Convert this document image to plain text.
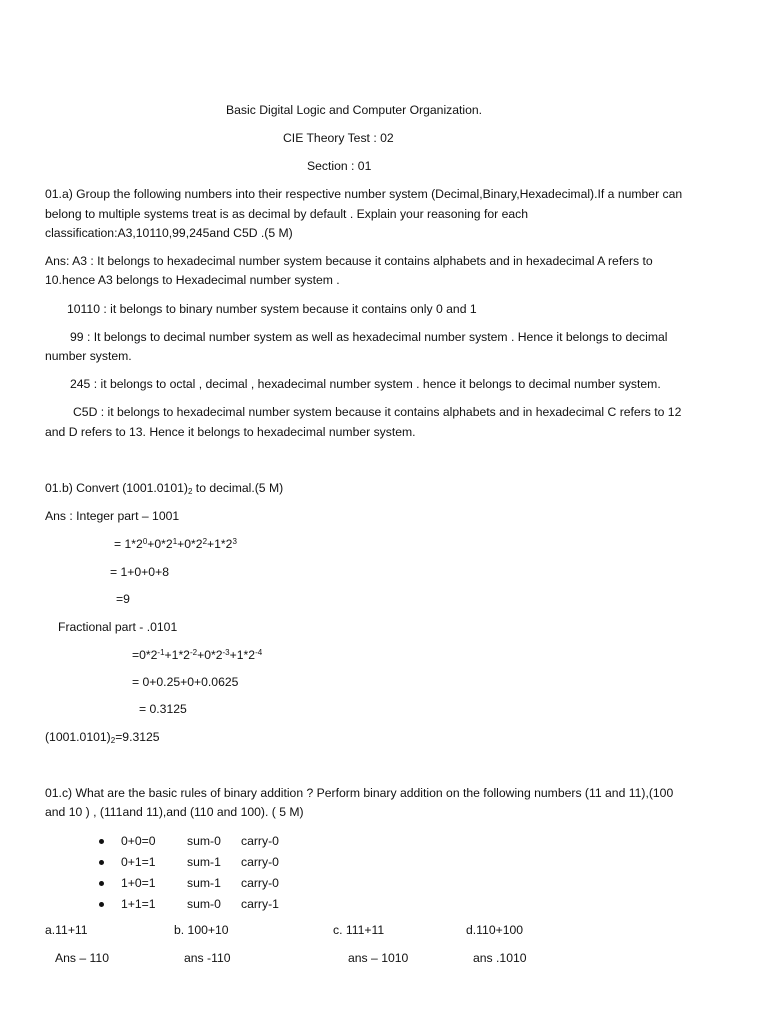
Basic Digital Logic and Computer Organization.
CIE Theory Test : 02
Section : 01
01.a) Group the following numbers into their respective number system (Decimal,Binary,Hexadecimal).If a number can
belong to multiple systems treat is as decimal by default . Explain your reasoning for each
classification:A3,10110,99,245and C5D .(5 M)
Ans: A3 : It belongs to hexadecimal number system because it contains alphabets and in hexadecimal A refers to
10.hence A3 belongs to Hexadecimal number system .
10110 : it belongs to binary number system because it contains only 0 and 1
99 : It belongs to decimal number system as well as hexadecimal number system . Hence it belongs to decimal
number system.
245 : it belongs to octal , decimal , hexadecimal number system . hence it belongs to decimal number system.
C5D : it belongs to hexadecimal number system because it contains alphabets and in hexadecimal C refers to 12
and D refers to 13. Hence it belongs to hexadecimal number system.
01.b) Convert $(1001.0101)_2$ to decimal.(5 M)
Ans : Integer part – 1001
= $1*2^0+0*2^1+0*2^2+1*2^3$
= 1+0+0+8
=9
Fractional part - .0101
$=0*2^{-1}+1*2^{-2}+0*2^{-3}+1*2^{-4}$
= 0+0.25+0+0.0625
= 0.3125
$(1001.0101)_2=9.3125$
01.c) What are the basic rules of binary addition ? Perform binary addition on the following numbers (11 and 11),(100
and 10 ) , (111and 11),and (110 and 100). ( 5 M)
0+0=0	sum-0 carry-0
0+1=1	sum-1 carry-0
1+0=1	sum-1 carry-0
1+1=1	sum-0 carry-1
a.11+11	b. 100+10	c. 111+11	d.110+100
Ans – 110	ans -110	ans – 1010	ans .1010
